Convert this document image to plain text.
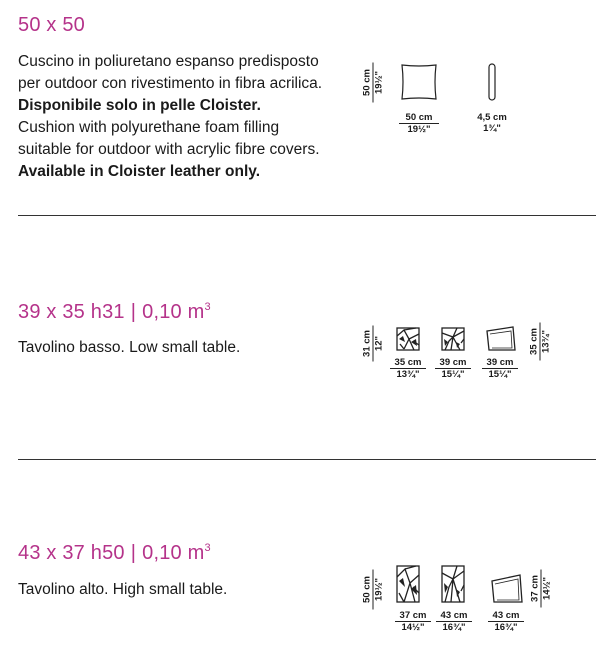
50 x 50
Cuscino in poliuretano espanso predisposto
per outdoor con rivestimento in fibra acrilica.
Disponibile solo in pelle Cloister.
Cushion with polyurethane foam filling
suitable for outdoor with acrylic fibre covers.
Available in Cloister leather only.
50 cm 19½"
50 cm
19½"
4,5 cm
1¾"
39 x 35 h31 | 0,10 $m^3$
Tavolino basso. Low small table.	31 cm 12"	35 cm 13¾"
35 cm
13¾"
39 cm
15¼"
39 cm
15¼"
43 x 37 h50 | 0,10 $m^3$
Tavolino alto. High small table.	50 cm 19½"	37 cm 14½"
37 cm
14½"
43 cm
16¾"
43 cm
16¾"
